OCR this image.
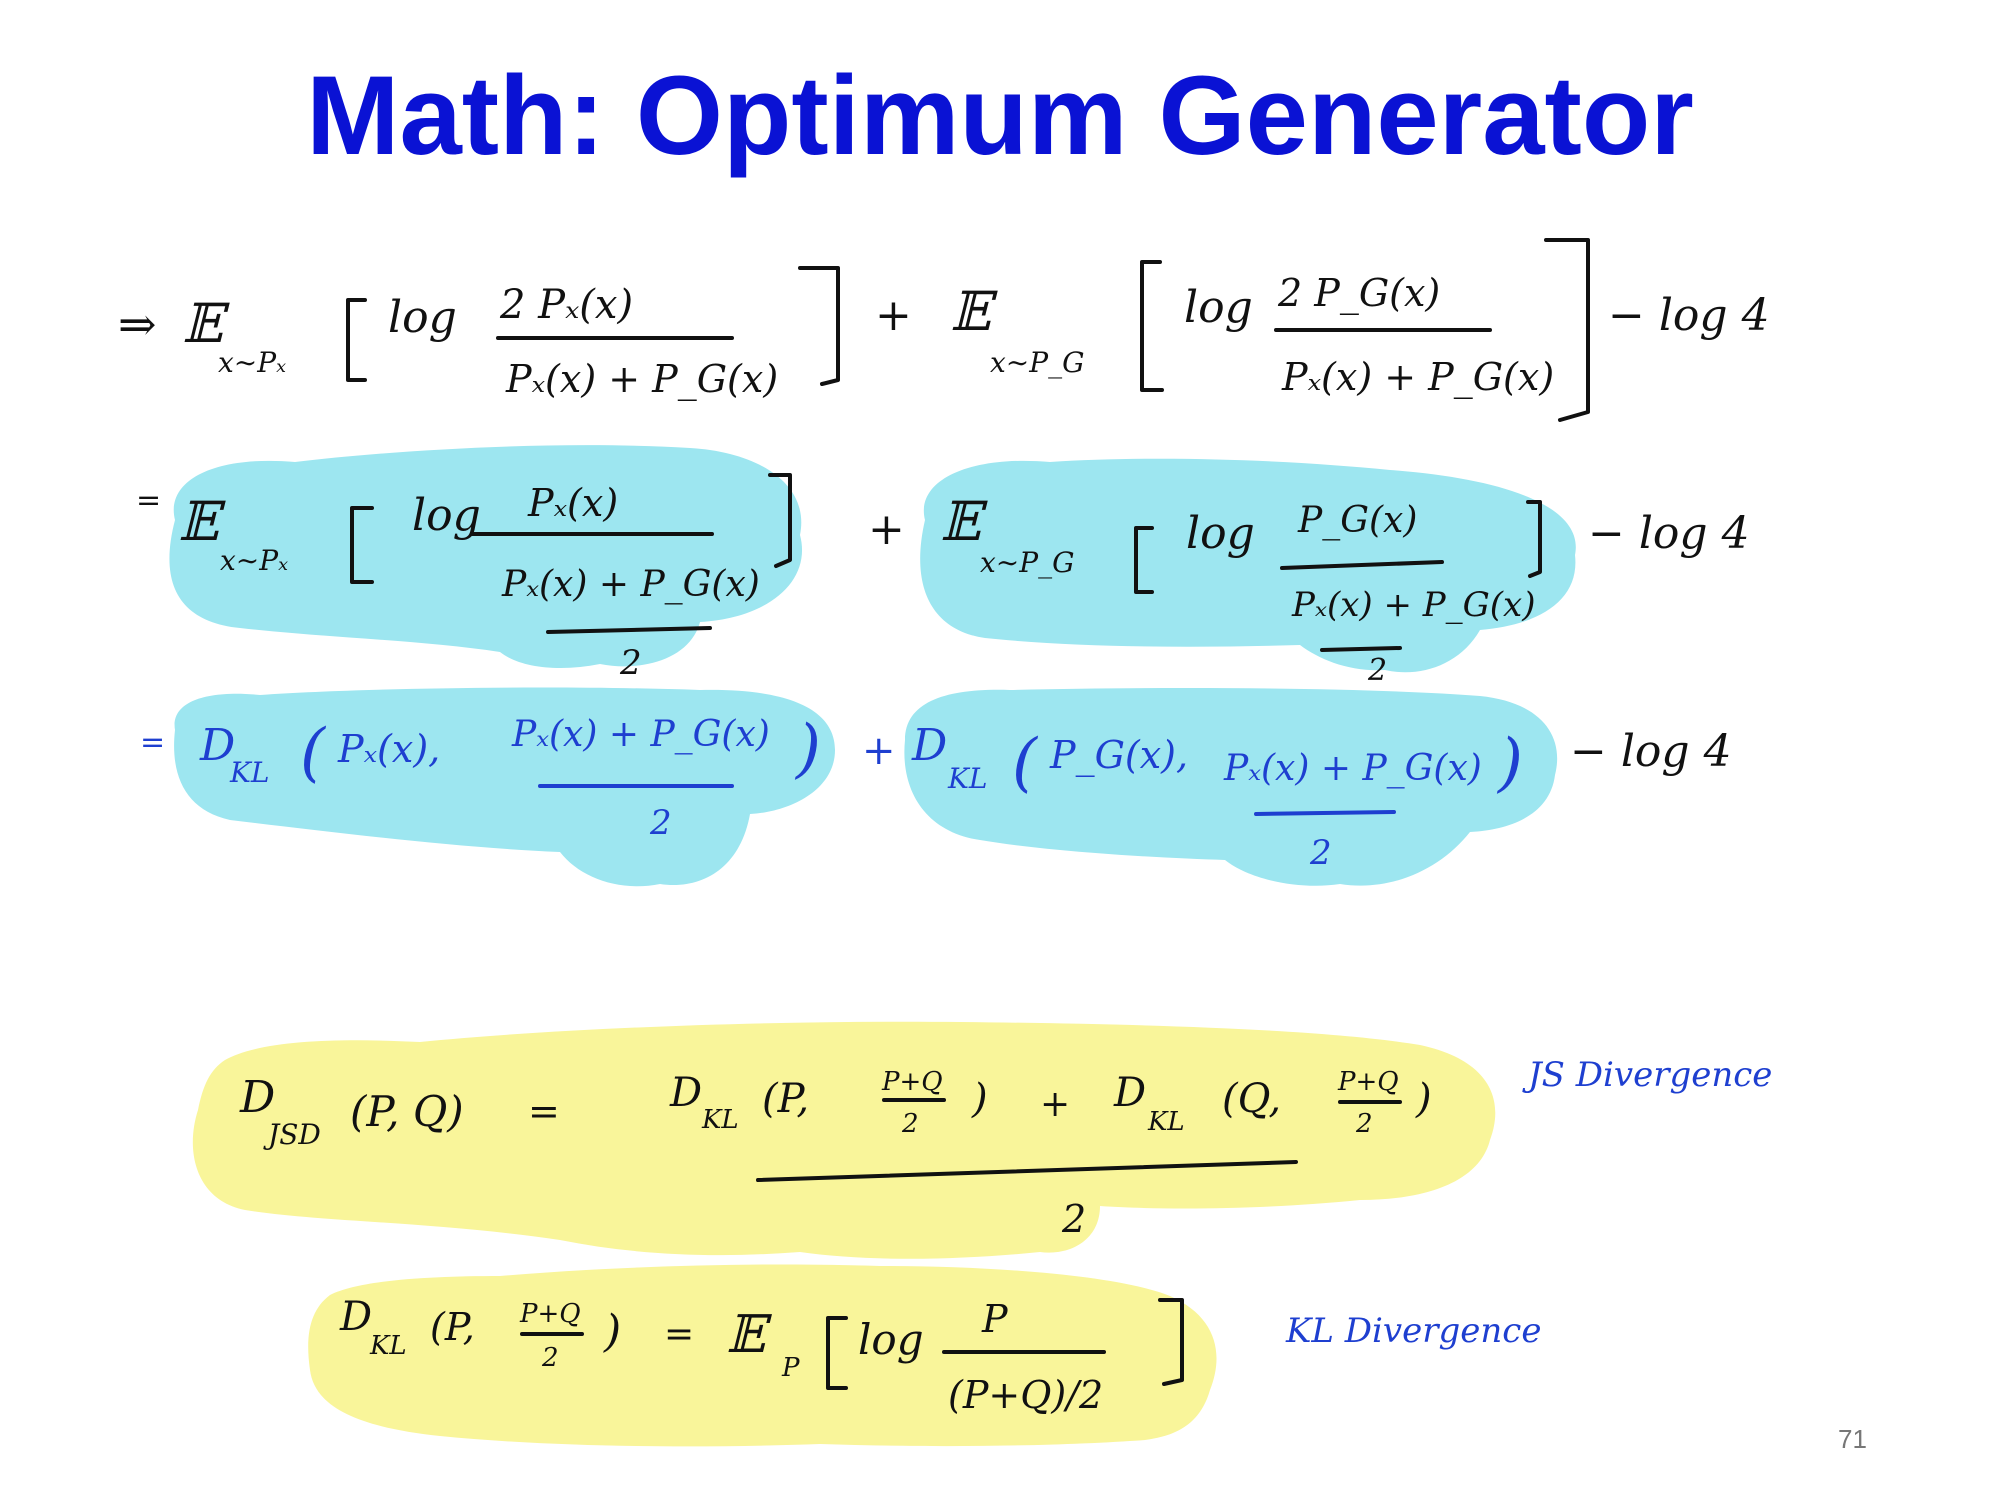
Math: Optimum Generator
⇒ 𝔼
x∼Pₓ
log 2 Pₓ(x)
Pₓ(x) + P_G(x)
+ 𝔼
x∼P_G
log 2 P_G(x)
Pₓ(x) + P_G(x)
− log 4
= 𝔼
x∼Pₓ
log Pₓ(x)
Pₓ(x) + P_G(x)
2
+ 𝔼
x∼P_G
log P_G(x)
Pₓ(x) + P_G(x)
2
− log 4
= D
KL ( Pₓ(x), Pₓ(x) + P_G(x)
2
) + D
KL ( P_G(x), Pₓ(x) + P_G(x)
2
) − log 4
D
JSD (P, Q) =	D
KL (P,	P+Q
2
) + D
KL (Q, P+Q
2
)
2
JS Divergence
D
KL (P, P+Q
2
) = 𝔼
P
log P
(P+Q)/2
KL Divergence
71
